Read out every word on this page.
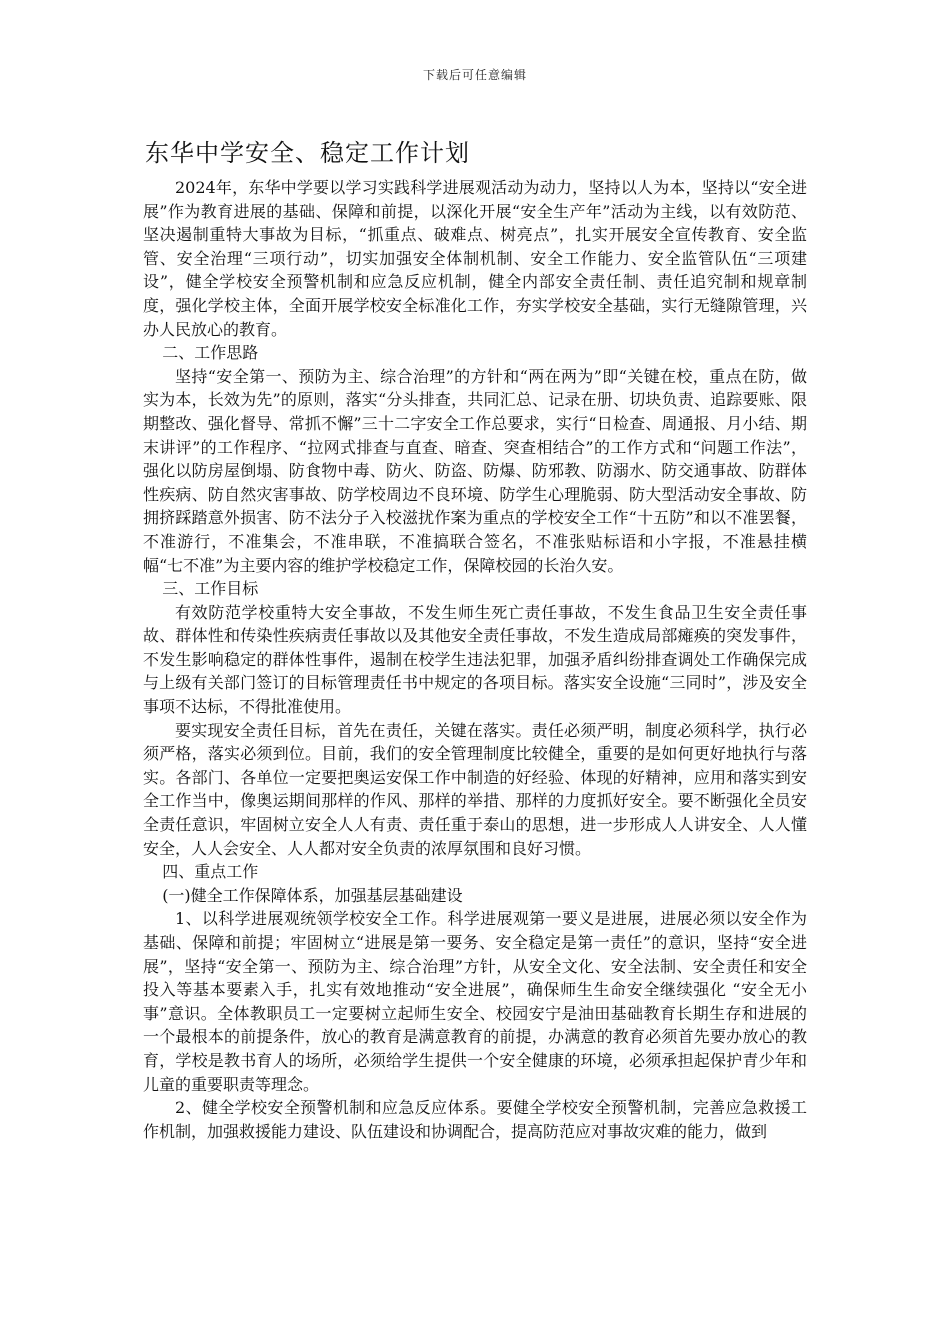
下载后可任意编辑
东华中学安全、稳定工作计划

2024年，东华中学要以学习实践科学进展观活动为动力，坚持以人为本，坚持以“安全进展”作为教育进展的基础、保障和前提，以深化开展“安全生产年”活动为主线，以有效防范、坚决遏制重特大事故为目标，“抓重点、破难点、树亮点”，扎实开展安全宣传教育、安全监管、安全治理“三项行动”，切实加强安全体制机制、安全工作能力、安全监管队伍“三项建设”，健全学校安全预警机制和应急反应机制，健全内部安全责任制、责任追究制和规章制度，强化学校主体，全面开展学校安全标准化工作，夯实学校安全基础，实行无缝隙管理，兴办人民放心的教育。

二、工作思路

坚持“安全第一、预防为主、综合治理”的方针和“两在两为”即“关键在校，重点在防，做实为本，长效为先”的原则，落实“分头排查，共同汇总、记录在册、切块负责、追踪要账、限期整改、强化督导、常抓不懈”三十二字安全工作总要求，实行“日检查、周通报、月小结、期末讲评”的工作程序、“拉网式排查与直查、暗查、突查相结合”的工作方式和“问题工作法”，强化以防房屋倒塌、防食物中毒、防火、防盗、防爆、防邪教、防溺水、防交通事故、防群体性疾病、防自然灾害事故、防学校周边不良环境、防学生心理脆弱、防大型活动安全事故、防拥挤踩踏意外损害、防不法分子入校滋扰作案为重点的学校安全工作“十五防”和以不准罢餐，不准游行，不准集会，不准串联，不准搞联合签名，不准张贴标语和小字报，不准悬挂横幅“七不准”为主要内容的维护学校稳定工作，保障校园的长治久安。

三、工作目标

有效防范学校重特大安全事故，不发生师生死亡责任事故，不发生食品卫生安全责任事故、群体性和传染性疾病责任事故以及其他安全责任事故，不发生造成局部瘫痪的突发事件，不发生影响稳定的群体性事件，遏制在校学生违法犯罪，加强矛盾纠纷排查调处工作确保完成与上级有关部门签订的目标管理责任书中规定的各项目标。落实安全设施“三同时”，涉及安全事项不达标，不得批准使用。

要实现安全责任目标，首先在责任，关键在落实。责任必须严明，制度必须科学，执行必须严格，落实必须到位。目前，我们的安全管理制度比较健全，重要的是如何更好地执行与落实。各部门、各单位一定要把奥运安保工作中制造的好经验、体现的好精神，应用和落实到安全工作当中，像奥运期间那样的作风、那样的举措、那样的力度抓好安全。要不断强化全员安全责任意识，牢固树立安全人人有责、责任重于泰山的思想，进一步形成人人讲安全、人人懂安全，人人会安全、人人都对安全负责的浓厚氛围和良好习惯。

四、重点工作

(一)健全工作保障体系，加强基层基础建设

1、以科学进展观统领学校安全工作。科学进展观第一要义是进展，进展必须以安全作为基础、保障和前提；牢固树立“进展是第一要务、安全稳定是第一责任”的意识，坚持“安全进展”，坚持“安全第一、预防为主、综合治理”方针，从安全文化、安全法制、安全责任和安全投入等基本要素入手，扎实有效地推动“安全进展”，确保师生生命安全继续强化 “安全无小事”意识。全体教职员工一定要树立起师生安全、校园安宁是油田基础教育长期生存和进展的一个最根本的前提条件，放心的教育是满意教育的前提，办满意的教育必须首先要办放心的教育，学校是教书育人的场所，必须给学生提供一个安全健康的环境，必须承担起保护青少年和儿童的重要职责等理念。

2、健全学校安全预警机制和应急反应体系。要健全学校安全预警机制，完善应急救援工作机制，加强救援能力建设、队伍建设和协调配合，提高防范应对事故灾难的能力，做到
